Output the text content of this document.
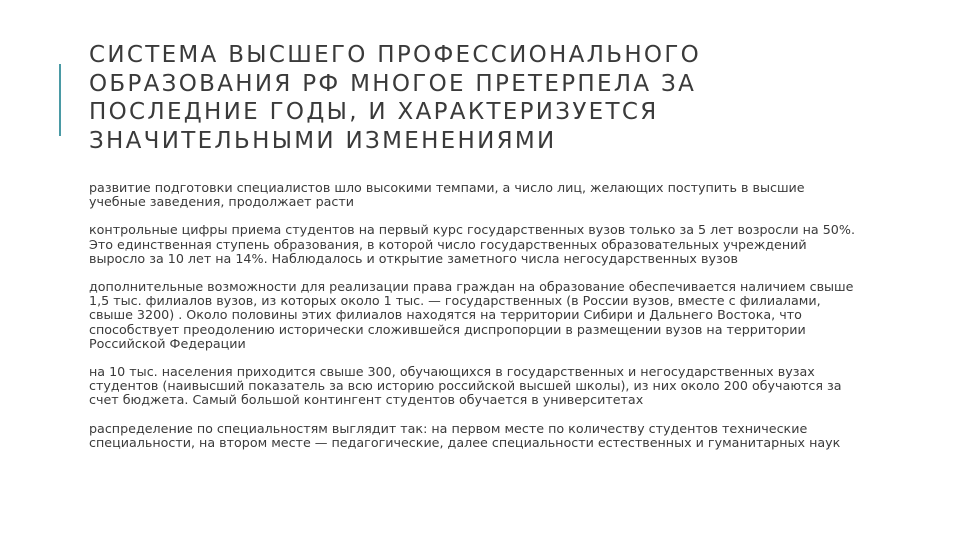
СИСТЕМА ВЫСШЕГО ПРОФЕССИОНАЛЬНОГО ОБРАЗОВАНИЯ РФ МНОГОЕ ПРЕТЕРПЕЛА ЗА ПОСЛЕДНИЕ ГОДЫ, И ХАРАКТЕРИЗУЕТСЯ ЗНАЧИТЕЛЬНЫМИ ИЗМЕНЕНИЯМИ
развитие подготовки специалистов шло высокими темпами, а число лиц, желающих поступить в высшие учебные заведения, продолжает расти
контрольные цифры приема студентов на первый курс государственных вузов только за 5 лет возросли на 50%. Это единственная ступень образования, в которой число государственных образовательных учреждений выросло за 10 лет на 14%. Наблюдалось и открытие заметного числа негосударственных вузов
дополнительные возможности для реализации права граждан на образование обеспечивается наличием свыше 1,5 тыс. филиалов вузов, из которых около 1 тыс. — государственных (в России вузов, вместе с филиалами, свыше 3200) . Около половины этих филиалов находятся на территории Сибири и Дальнего Востока, что способствует преодолению исторически сложившейся диспропорции в размещении вузов на территории Российской Федерации
на 10 тыс. населения приходится свыше 300, обучающихся в государственных и негосударственных вузах студентов (наивысший показатель за всю историю российской высшей школы), из них около 200 обучаются за счет бюджета. Самый большой контингент студентов обучается в университетах
распределение по специальностям выглядит так: на первом месте по количеству студентов технические специальности, на втором месте — педагогические, далее специальности естественных и гуманитарных наук
